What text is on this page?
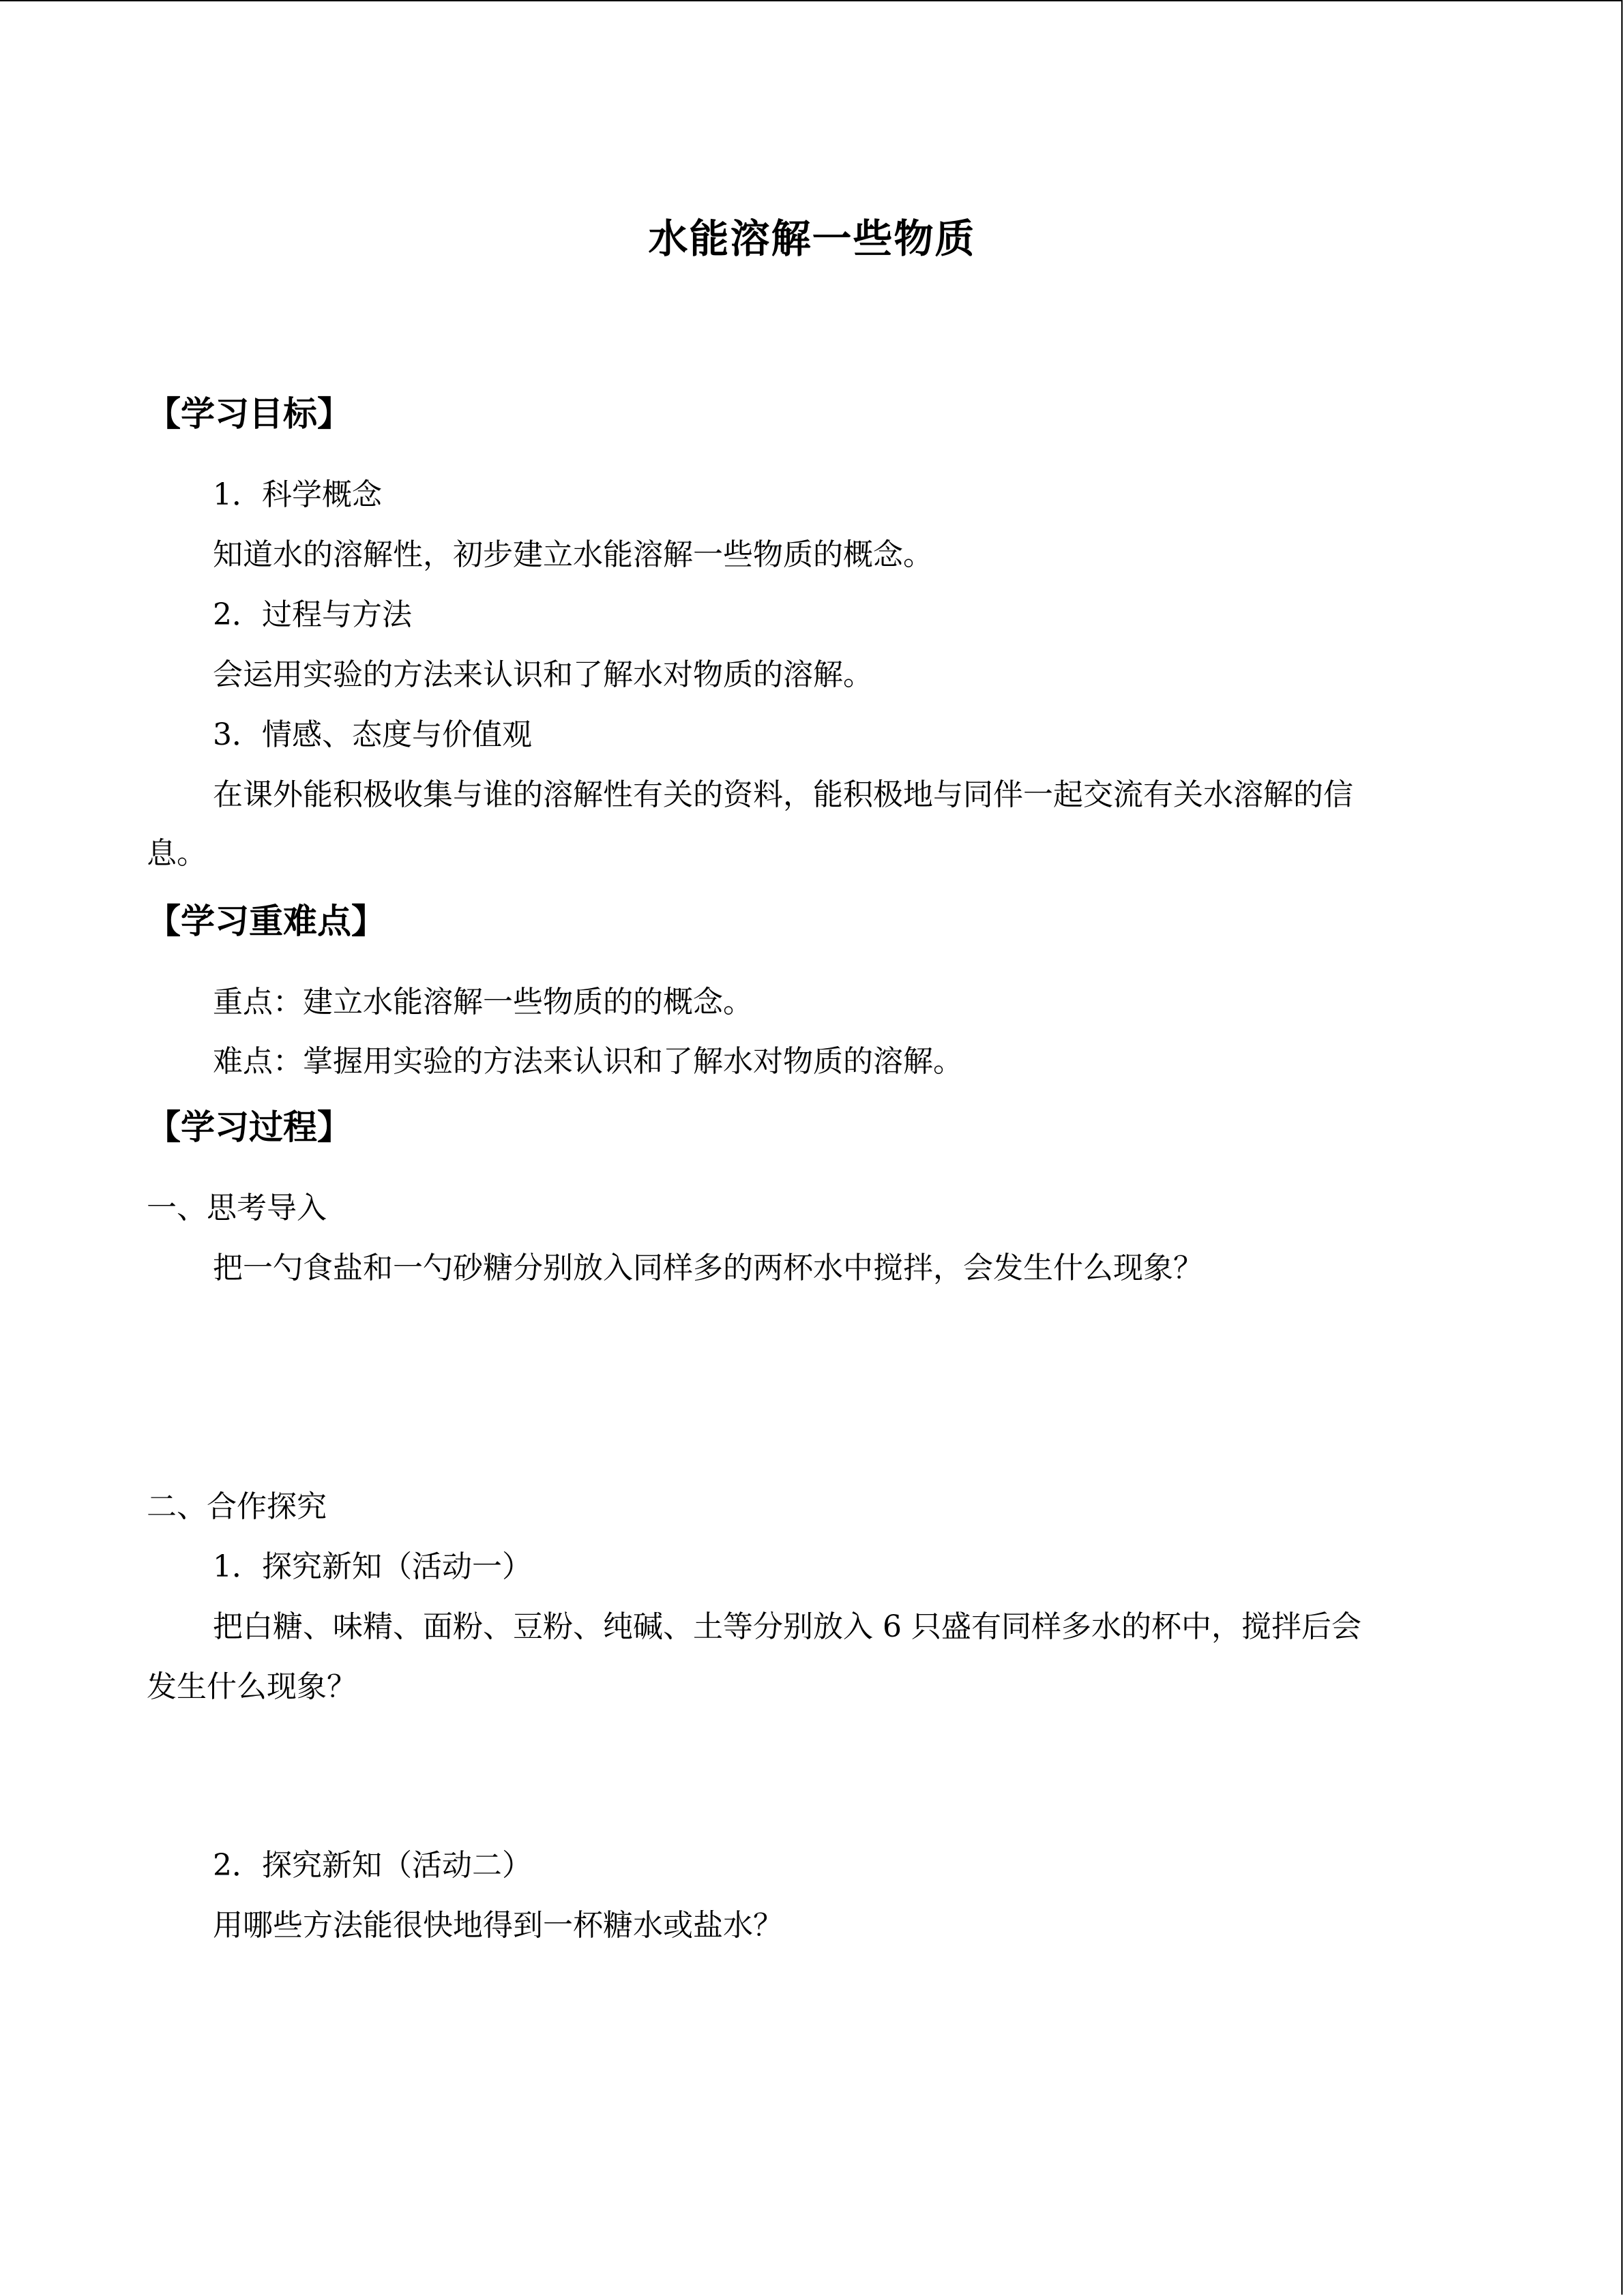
水能溶解一些物质
【学习目标】
1．科学概念
知道水的溶解性，初步建立水能溶解一些物质的概念。
2．过程与方法
会运用实验的方法来认识和了解水对物质的溶解。
3．情感、态度与价值观
在课外能积极收集与谁的溶解性有关的资料，能积极地与同伴一起交流有关水溶解的信
息。
【学习重难点】
重点：建立水能溶解一些物质的的概念。
难点：掌握用实验的方法来认识和了解水对物质的溶解。
【学习过程】
一、思考导入
把一勺食盐和一勺砂糖分别放入同样多的两杯水中搅拌，会发生什么现象？
二、合作探究
1．探究新知（活动一）
把白糖、味精、面粉、豆粉、纯碱、土等分别放入 6 只盛有同样多水的杯中，搅拌后会
发生什么现象？
2．探究新知（活动二）
用哪些方法能很快地得到一杯糖水或盐水？
